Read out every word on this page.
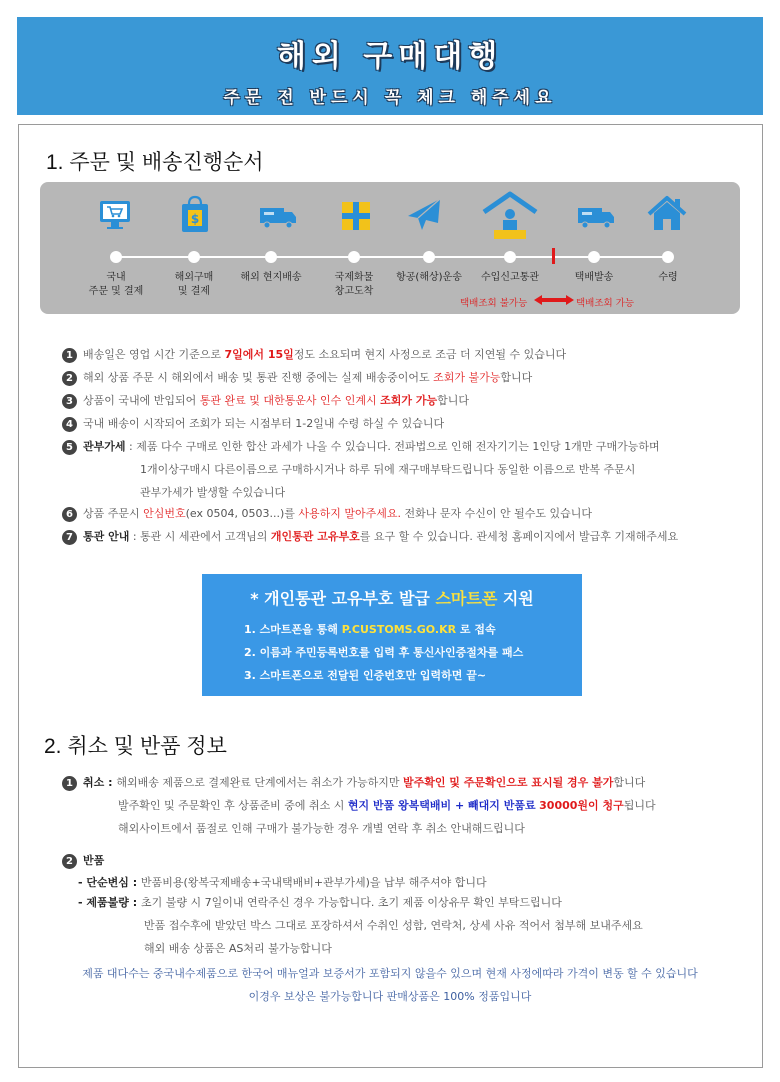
해외 구매대행
주문 전 반드시 꼭 체크 해주세요
1. 주문 및 배송진행순서
$
국내
주문 및 결제
해외구매
및 결제
해외 현지배송	국제화물
창고도착
항공(해상)운송	수입신고통관	택배발송	수령
택배조회 불가능	택배조회 가능
1 배송일은 영업 시간 기준으로 7일에서 15일정도 소요되며 현지 사정으로 조금 더 지연될 수 있습니다
2 해외 상품 주문 시 해외에서 배송 및 통관 진행 중에는 실제 배송중이어도 조회가 불가능합니다
3 상품이 국내에 반입되어 통관 완료 및 대한통운사 인수 인계시 조회가 가능합니다
4 국내 배송이 시작되어 조회가 되는 시점부터 1-2일내 수령 하실 수 있습니다
5 관부가세 : 제품 다수 구매로 인한 합산 과세가 나올 수 있습니다. 전파법으로 인해 전자기기는 1인당 1개만 구매가능하며
1개이상구매시 다른이름으로 구매하시거나 하루 뒤에 재구매부탁드립니다 동일한 이름으로 반복 주문시
관부가세가 발생할 수있습니다
6 상품 주문시 안심번호(ex 0504, 0503...)를 사용하지 말아주세요. 전화나 문자 수신이 안 될수도 있습니다
7 통관 안내 : 통관 시 세관에서 고객님의 개인통관 고유부호를 요구 할 수 있습니다. 관세청 홈페이지에서 발급후 기재해주세요
* 개인통관 고유부호 발급 스마트폰 지원
1. 스마트폰을 통해 P.CUSTOMS.GO.KR 로 접속
2. 이름과 주민등록번호를 입력 후 통신사인증절차를 패스
3. 스마트폰으로 전달된 인증번호만 입력하면 끝~
2. 취소 및 반품 정보
1 취소 : 해외배송 제품으로 결제완료 단계에서는 취소가 가능하지만 발주확인 및 주문확인으로 표시될 경우 불가합니다
발주확인 및 주문확인 후 상품준비 중에 취소 시 현지 반품 왕복택배비 + 빼대지 반품료 30000원이 청구됩니다
해외사이트에서 품절로 인해 구매가 불가능한 경우 개별 연락 후 취소 안내해드립니다
2 반품
- 단순변심 : 반품비용(왕복국제배송+국내택배비+관부가세)을 납부 해주셔야 합니다
- 제품불량 : 초기 불량 시 7일이내 연락주신 경우 가능합니다. 초기 제품 이상유무 확인 부탁드립니다
반품 접수후에 받았던 박스 그대로 포장하셔서 수취인 성함, 연락처, 상세 사유 적어서 첨부해 보내주세요
해외 배송 상품은 AS처리 불가능합니다
제품 대다수는 중국내수제품으로 한국어 매뉴얼과 보증서가 포함되지 않을수 있으며 현재 사정에따라 가격이 변동 할 수 있습니다
이경우 보상은 불가능합니다 판매상품은 100% 정품입니다
